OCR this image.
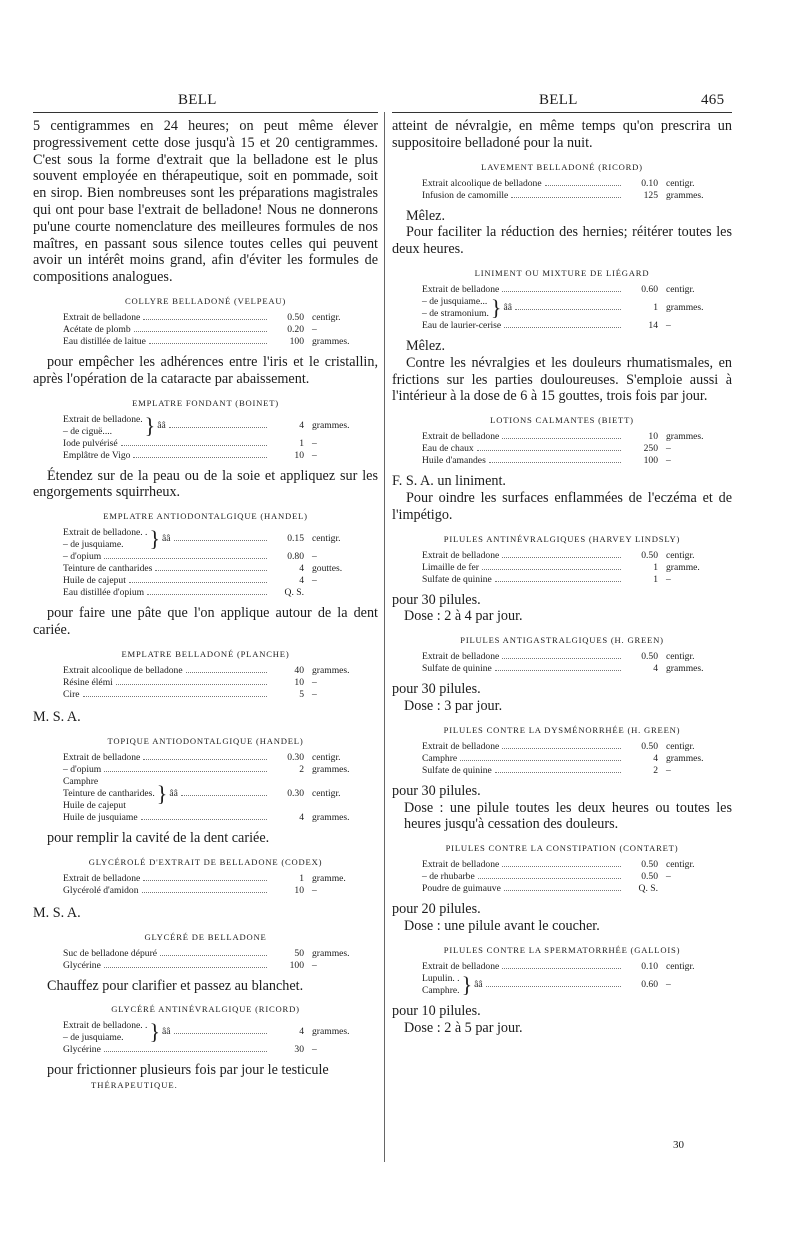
BELL	BELL	465

5 centigrammes en 24 heures; on peut même élever progressivement cette dose jusqu'à 15 et 20 centigrammes. C'est sous la forme d'extrait que la belladone est le plus souvent employée en thérapeutique, soit en pommade, soit en sirop. Bien nombreuses sont les préparations magistrales qui ont pour base l'extrait de belladone! Nous ne donnerons pu'une courte nomenclature des meilleures formules de nos maîtres, en passant sous silence toutes celles qui peuvent avoir un intérêt moins grand, afin d'éviter les formules de compositions analogues.

COLLYRE BELLADONÉ (VELPEAU)
Extrait de belladone	0.50 centigr.
Acétate de plomb	0.20 –
Eau distillée de laitue	100 grammes.

pour empêcher les adhérences entre l'iris et le cristallin, après l'opération de la cataracte par abaissement.

EMPLATRE FONDANT (BOINET)
Extrait de belladone.
– de ciguë....	} ââ	4 grammes.
Iode pulvérisé	1 –
Emplâtre de Vigo	10 –

Étendez sur de la peau ou de la soie et appliquez sur les engorgements squirrheux.

EMPLATRE ANTIODONTALGIQUE (HANDEL)
Extrait de belladone. .
– de jusquiame.	} ââ	0.15 centigr.
– d'opium	0.80 –
Teinture de cantharides	4 gouttes.
Huile de cajeput	4 –
Eau distillée d'opium	Q. S.

pour faire une pâte que l'on applique autour de la dent cariée.

EMPLATRE BELLADONÉ (PLANCHE)
Extrait alcoolique de belladone	40 grammes.
Résine élémi	10 –
Cire	5 –
M. S. A.
TOPIQUE ANTIODONTALGIQUE (HANDEL)
Extrait de belladone	0.30 centigr.
– d'opium	2 grammes.
Camphre
Teinture de cantharides.
Huile de cajeput	} ââ	0.30 centigr.
Huile de jusquiame	4 grammes.

pour remplir la cavité de la dent cariée.

GLYCÉROLÉ D'EXTRAIT DE BELLADONE (CODEX)
Extrait de belladone	1 gramme.
Glycérolé d'amidon	10 –
M. S. A.
GLYCÉRÉ DE BELLADONE
Suc de belladone dépuré	50 grammes.
Glycérine	100 –

Chauffez pour clarifier et passez au blanchet.

GLYCÉRÉ ANTINÉVRALGIQUE (RICORD)
Extrait de belladone. .
– de jusquiame.	} ââ	4 grammes.
Glycérine	30 –

pour frictionner plusieurs fois par jour le testicule

THÉRAPEUTIQUE.

atteint de névralgie, en même temps qu'on prescrira un suppositoire belladoné pour la nuit.

LAVEMENT BELLADONÉ (RICORD)
Extrait alcoolique de belladone	0.10 centigr.
Infusion de camomille	125 grammes.

Mêlez.

Pour faciliter la réduction des hernies; réitérer toutes les deux heures.

LINIMENT OU MIXTURE DE LIÉGARD
Extrait de belladone	0.60 centigr.
– de jusquiame...
– de stramonium. } ââ	1 grammes.
Eau de laurier-cerise	14 –

Mêlez.

Contre les névralgies et les douleurs rhumatismales, en frictions sur les parties douloureuses. S'emploie aussi à l'intérieur à la dose de 6 à 15 gouttes, trois fois par jour.

LOTIONS CALMANTES (BIETT)
Extrait de belladone	10 grammes.
Eau de chaux	250 –
Huile d'amandes	100 –

F. S. A. un liniment.

Pour oindre les surfaces enflammées de l'eczéma et de l'impétigo.

PILULES ANTINÉVRALGIQUES (HARVEY LINDSLY)
Extrait de belladone	0.50 centigr.
Limaille de fer	1 gramme.
Sulfate de quinine	1 –

pour 30 pilules.

Dose : 2 à 4 par jour.

PILULES ANTIGASTRALGIQUES (H. GREEN)
Extrait de belladone	0.50 centigr.
Sulfate de quinine	4 grammes.

pour 30 pilules.

Dose : 3 par jour.

PILULES CONTRE LA DYSMÉNORRHÉE (H. GREEN)
Extrait de belladone	0.50 centigr.
Camphre	4 grammes.
Sulfate de quinine	2 –

pour 30 pilules.

Dose : une pilule toutes les deux heures ou toutes les heures jusqu'à cessation des douleurs.

PILULES CONTRE LA CONSTIPATION (CONTARET)
Extrait de belladone	0.50 centigr.
– de rhubarbe	0.50 –
Poudre de guimauve	Q. S.

pour 20 pilules.

Dose : une pilule avant le coucher.

PILULES CONTRE LA SPERMATORRHÉE (GALLOIS)
Extrait de belladone	0.10 centigr.
Lupulin. .
Camphre. } ââ	0.60 –

pour 10 pilules.

Dose : 2 à 5 par jour.

30
